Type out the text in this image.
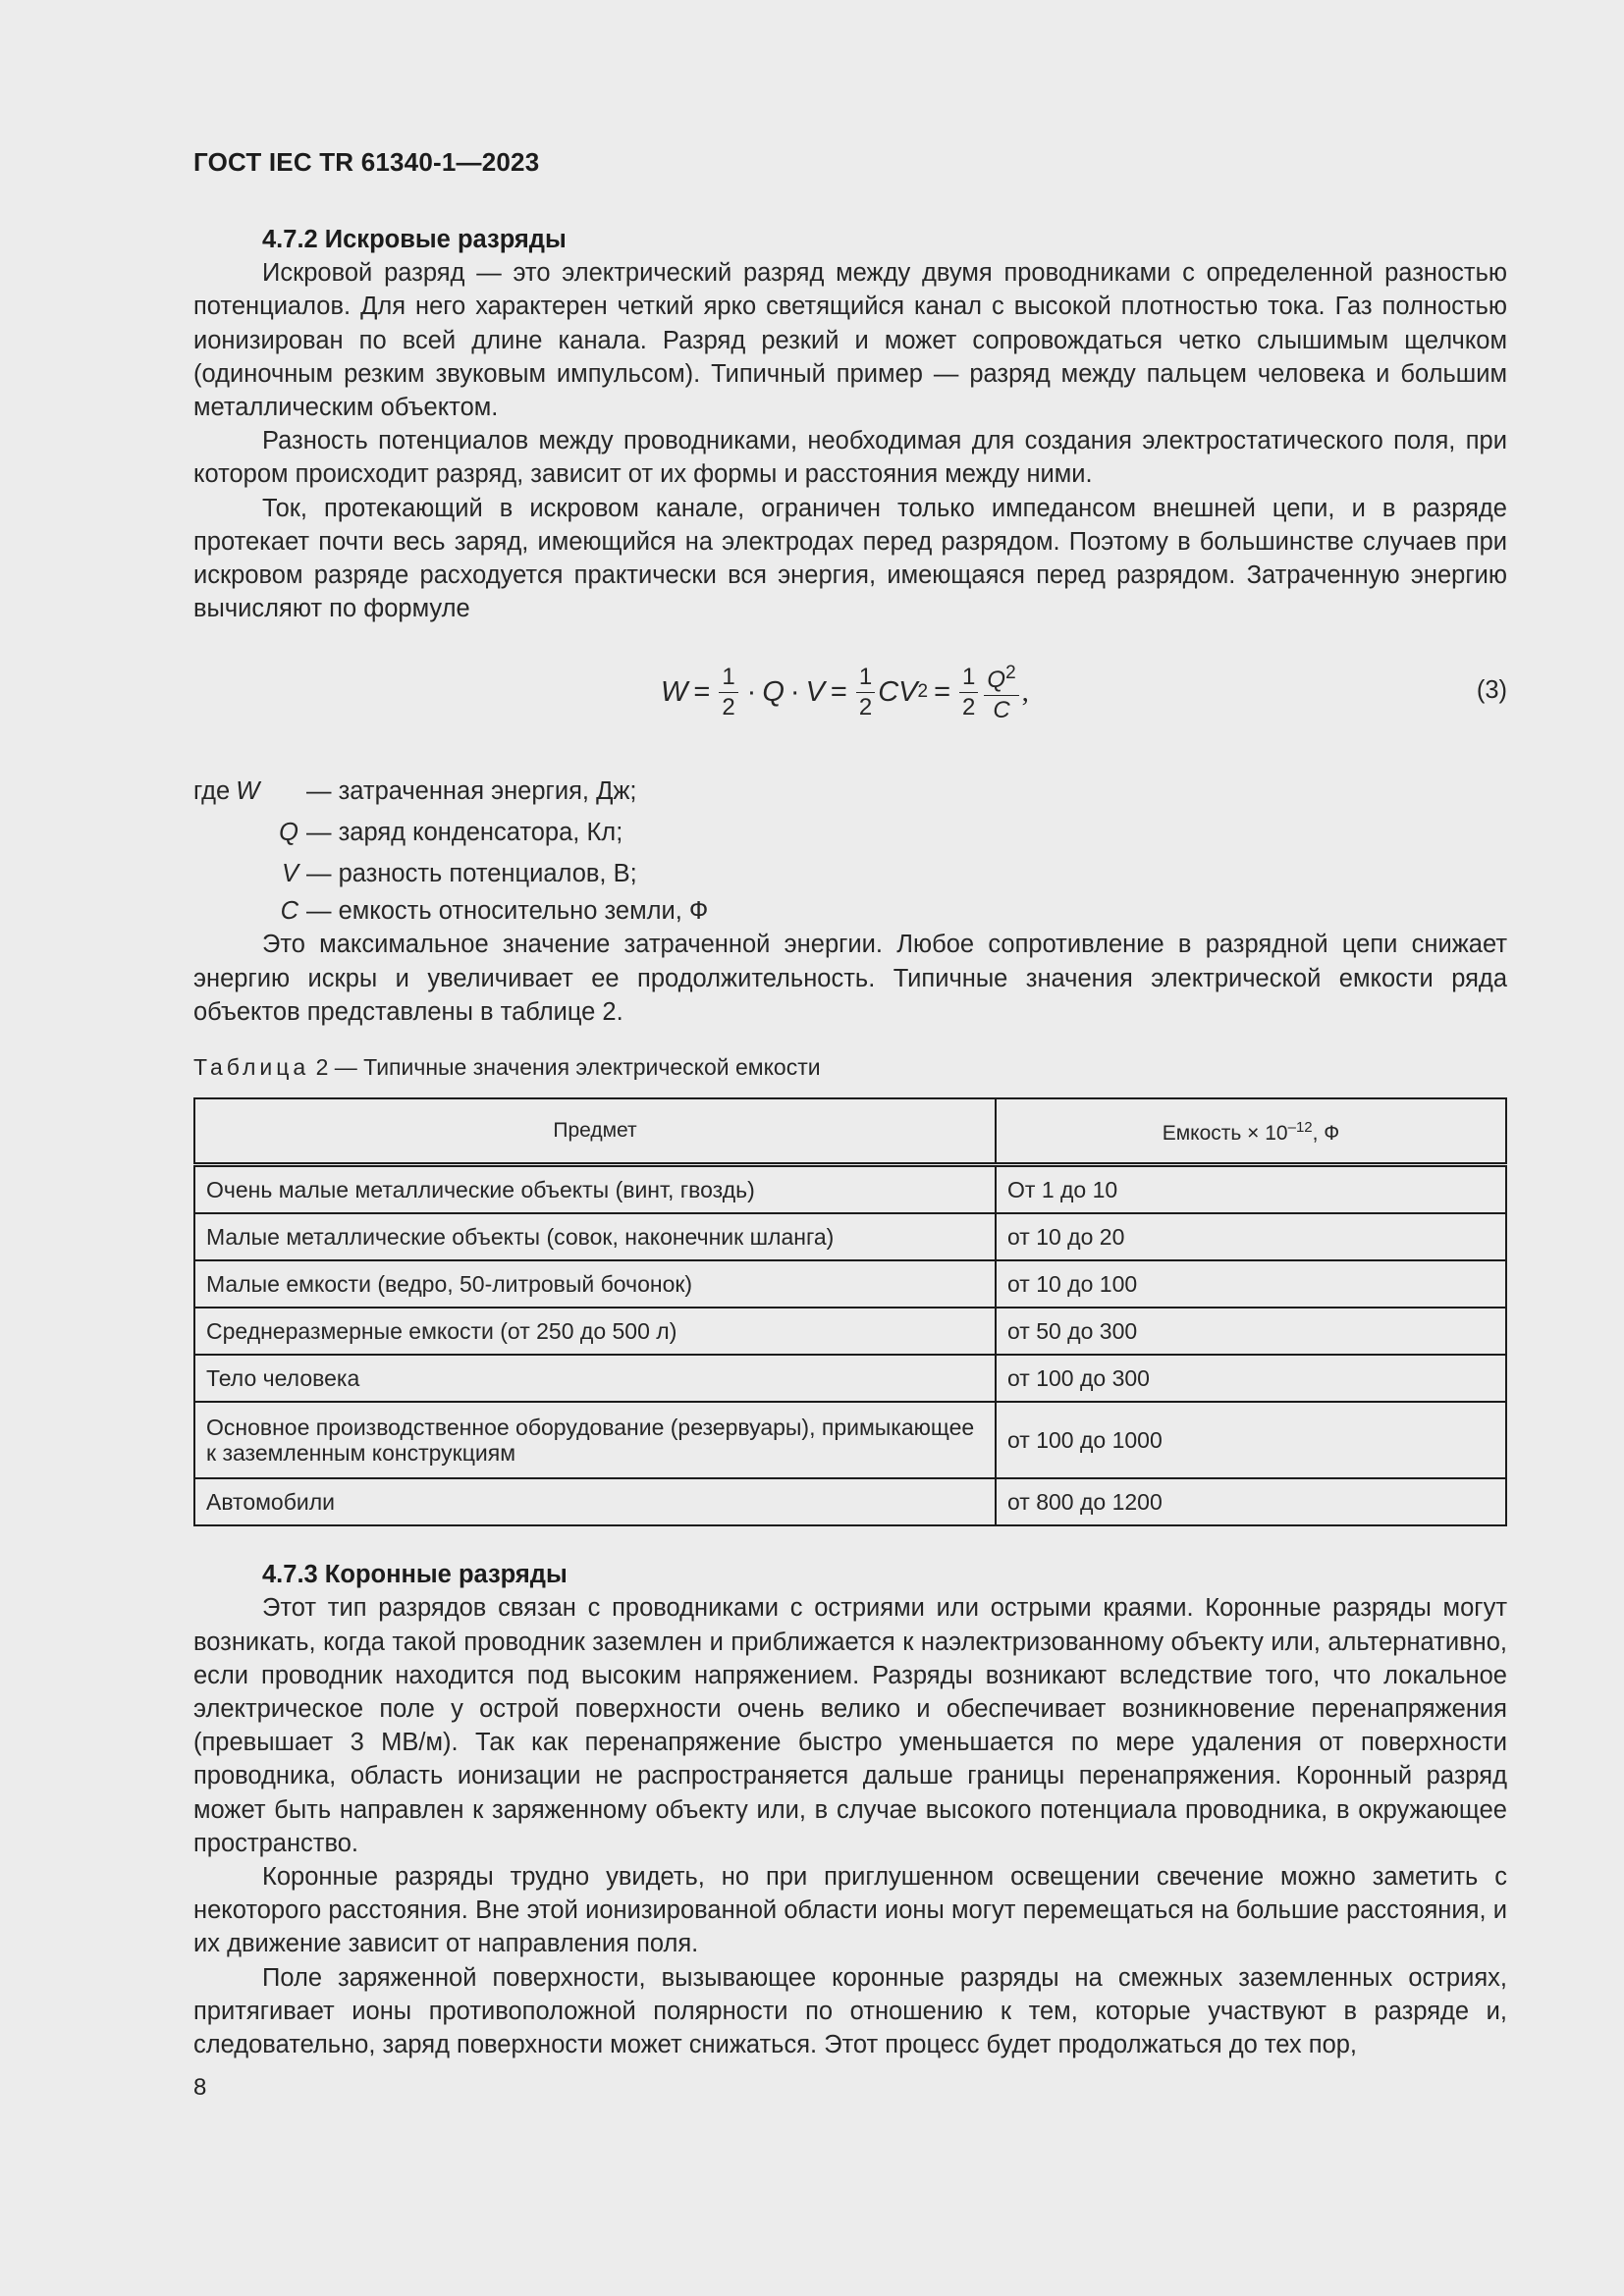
ГОСТ IEC TR 61340-1—2023

4.7.2 Искровые разряды

Искровой разряд — это электрический разряд между двумя проводниками с определенной разностью потенциалов. Для него характерен четкий ярко светящийся канал с высокой плотностью тока. Газ полностью ионизирован по всей длине канала. Разряд резкий и может сопровождаться четко слышимым щелчком (одиночным резким звуковым импульсом). Типичный пример — разряд между пальцем человека и большим металлическим объектом.

Разность потенциалов между проводниками, необходимая для создания электростатического поля, при котором происходит разряд, зависит от их формы и расстояния между ними.

Ток, протекающий в искровом канале, ограничен только импедансом внешней цепи, и в разряде протекает почти весь заряд, имеющийся на электродах перед разрядом. Поэтому в большинстве случаев при искровом разряде расходуется практически вся энергия, имеющаяся перед разрядом. Затраченную энергию вычисляют по формуле

$W = \frac{1}{2} \cdot Q \cdot V = \frac{1}{2}$ CV $2 = \frac{1}{2} \frac{Q^2}{C}$ ,	(3)
где W	— затраченная энергия, Дж;
Q — заряд конденсатора, Кл;
V — разность потенциалов, В;
C — емкость относительно земли, Ф

Это максимальное значение затраченной энергии. Любое сопротивление в разрядной цепи снижает энергию искры и увеличивает ее продолжительность. Типичные значения электрической емкости ряда объектов представлены в таблице 2.

Таблица 2 — Типичные значения электрической емкости
Предмет	Емкость × $10^{-12}$, Ф
Очень малые металлические объекты (винт, гвоздь)	От 1 до 10
Малые металлические объекты (совок, наконечник шланга)	от 10 до 20
Малые емкости (ведро, 50-литровый бочонок)	от 10 до 100
Среднеразмерные емкости (от 250 до 500 л)	от 50 до 300
Тело человека	от 100 до 300
Основное производственное оборудование (резервуары), примыкающее к заземленным конструкциям	от 100 до 1000
Автомобили	от 800 до 1200

4.7.3 Коронные разряды

Этот тип разрядов связан с проводниками с остриями или острыми краями. Коронные разряды могут возникать, когда такой проводник заземлен и приближается к наэлектризованному объекту или, альтернативно, если проводник находится под высоким напряжением. Разряды возникают вследствие того, что локальное электрическое поле у острой поверхности очень велико и обеспечивает возникновение перенапряжения (превышает 3 МВ/м). Так как перенапряжение быстро уменьшается по мере удаления от поверхности проводника, область ионизации не распространяется дальше границы перенапряжения. Коронный разряд может быть направлен к заряженному объекту или, в случае высокого потенциала проводника, в окружающее пространство.

Коронные разряды трудно увидеть, но при приглушенном освещении свечение можно заметить с некоторого расстояния. Вне этой ионизированной области ионы могут перемещаться на большие расстояния, и их движение зависит от направления поля.

Поле заряженной поверхности, вызывающее коронные разряды на смежных заземленных остриях, притягивает ионы противоположной полярности по отношению к тем, которые участвуют в разряде и, следовательно, заряд поверхности может снижаться. Этот процесс будет продолжаться до тех пор,

8
